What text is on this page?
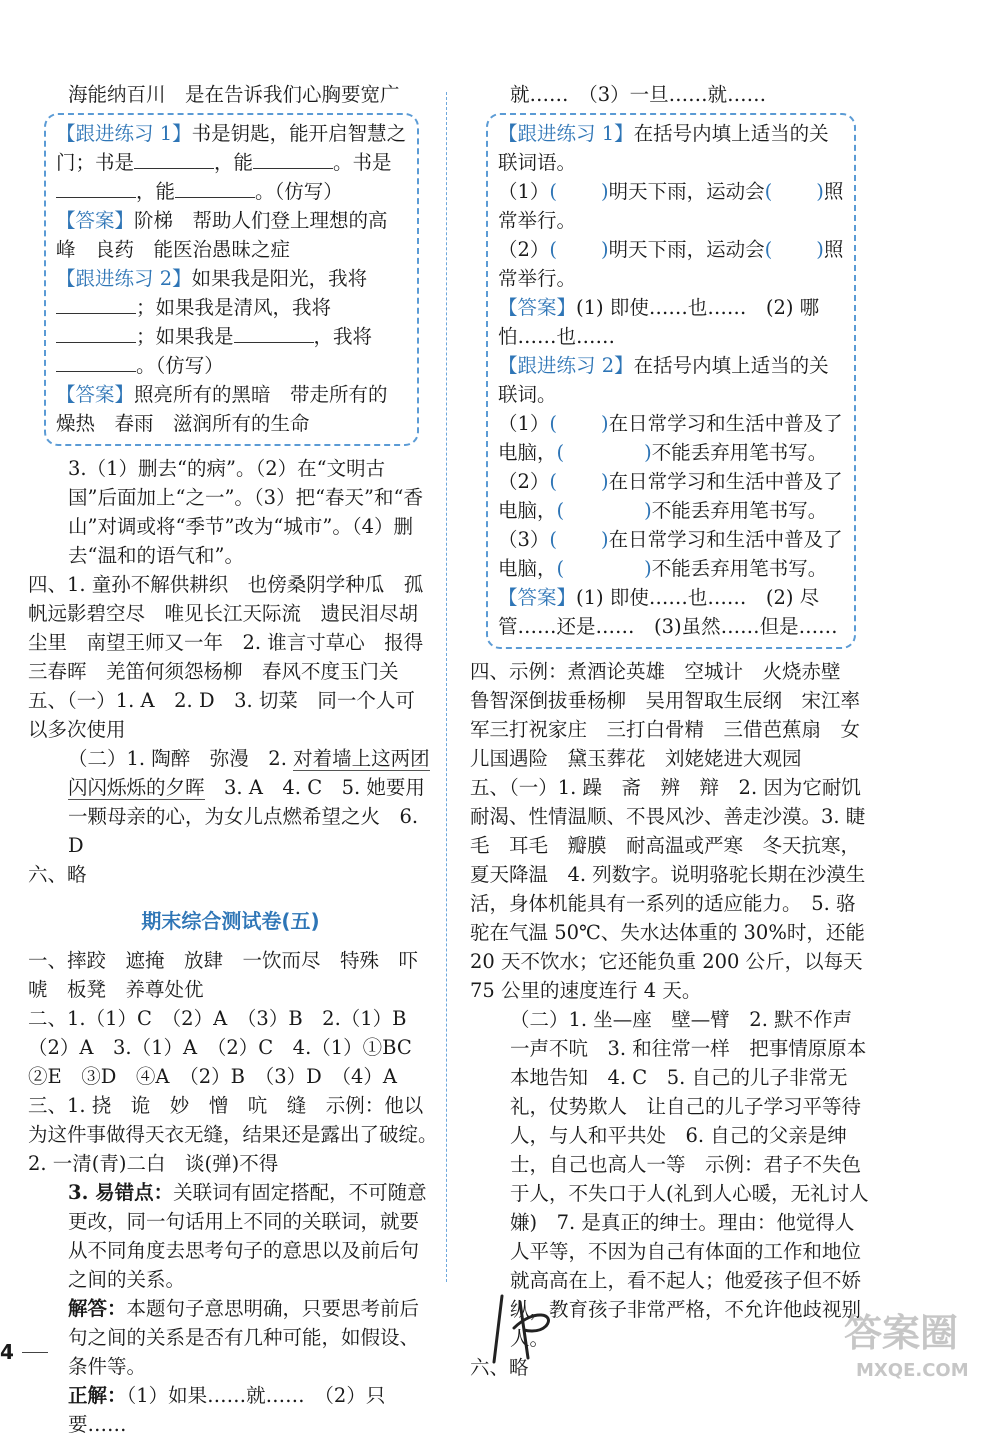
海能纳百川　是在告诉我们心胸要宽广

【跟进练习 1】书是钥匙，能开启智慧之门；书是	，能	。书是，能	。（仿写）

【答案】阶梯　帮助人们登上理想的高峰　良药　能医治愚昧之症

【跟进练习 2】如果我是阳光，我将；如果我是清风，我将；如果我是	，我将。（仿写）

【答案】照亮所有的黑暗　带走所有的燥热　春雨　滋润所有的生命

3.（1）删去“的病”。（2）在“文明古国”后面加上“之一”。（3）把“春天”和“香山”对调或将“季节”改为“城市”。（4）删去“温和的语气和”。

四、1. 童孙不解供耕织　也傍桑阴学种瓜　孤帆远影碧空尽　唯见长江天际流　遗民泪尽胡尘里　南望王师又一年　2. 谁言寸草心　报得三春晖　羌笛何须怨杨柳　春风不度玉门关

五、（一）1. A　2. D　3. 切菜　同一个人可以多次使用

（二）1. 陶醉　弥漫　2. 对着墙上这两团闪闪烁烁的夕晖　3. A　4. C　5. 她要用一颗母亲的心，为女儿点燃希望之火　6. D

六、略

期末综合测试卷(五)

一、摔跤　遮掩　放肆　一饮而尽　特殊　吓唬　板凳　养尊处优

二、1.（1）C　（2）A　（3）B　2.（1）B　（2）A　3.（1）A　（2）C　4.（1）①BC　②E　③D　④A　（2）B　（3）D　（4）A

三、1. 挠　诡　妙　憎　吭　缝　示例：他以为这件事做得天衣无缝，结果还是露出了破绽。　2. 一清(青)二白　谈(弹)不得

3. 易错点：关联词有固定搭配，不可随意更改，同一句话用上不同的关联词，就要从不同角度去思考句子的意思以及前后句之间的关系。

解答：本题句子意思明确，只要思考前后句之间的关系是否有几种可能，如假设、条件等。

正解：（1）如果……就……　（2）只要……

就……　（3）一旦……就……

【跟进练习 1】在括号内填上适当的关联词语。

（1）( )明天下雨，运动会( )照常举行。

（2）( )明天下雨，运动会( )照常举行。

【答案】(1) 即使……也……　(2) 哪怕……也……

【跟进练习 2】在括号内填上适当的关联词。

（1）( )在日常学习和生活中普及了电脑，(	)不能丢弃用笔书写。

（2）( )在日常学习和生活中普及了电脑，(	)不能丢弃用笔书写。

（3）( )在日常学习和生活中普及了电脑，(	)不能丢弃用笔书写。

【答案】(1) 即使……也……　(2) 尽管……还是……　(3)虽然……但是……

四、示例：煮酒论英雄　空城计　火烧赤壁　鲁智深倒拔垂杨柳　吴用智取生辰纲　宋江率军三打祝家庄　三打白骨精　三借芭蕉扇　女儿国遇险　黛玉葬花　刘姥姥进大观园

五、（一）1. 躁　斋　辨　辩　2. 因为它耐饥耐渴、性情温顺、不畏风沙、善走沙漠。3. 睫毛　耳毛　瓣膜　耐高温或严寒　冬天抗寒，夏天降温　4. 列数字。说明骆驼长期在沙漠生活，身体机能具有一系列的适应能力。　5. 骆驼在气温 50℃、失水达体重的 30%时，还能 20 天不饮水；它还能负重 200 公斤，以每天 75 公里的速度连行 4 天。

（二）1. 坐—座　壁—臂　2. 默不作声　一声不吭　3. 和往常一样　把事情原原本本地告知　4. C　5. 自己的儿子非常无礼，仗势欺人　让自己的儿子学习平等待人，与人和平共处　6. 自己的父亲是绅士，自己也高人一等　示例：君子不失色于人，不失口于人(礼到人心暖，无礼讨人嫌)　7. 是真正的绅士。理由：他觉得人人平等，不因为自己有体面的工作和地位就高高在上，看不起人；他爱孩子但不娇纵，教育孩子非常严格，不允许他歧视别人。

六、略

4	答案圈
MXQE.COM
